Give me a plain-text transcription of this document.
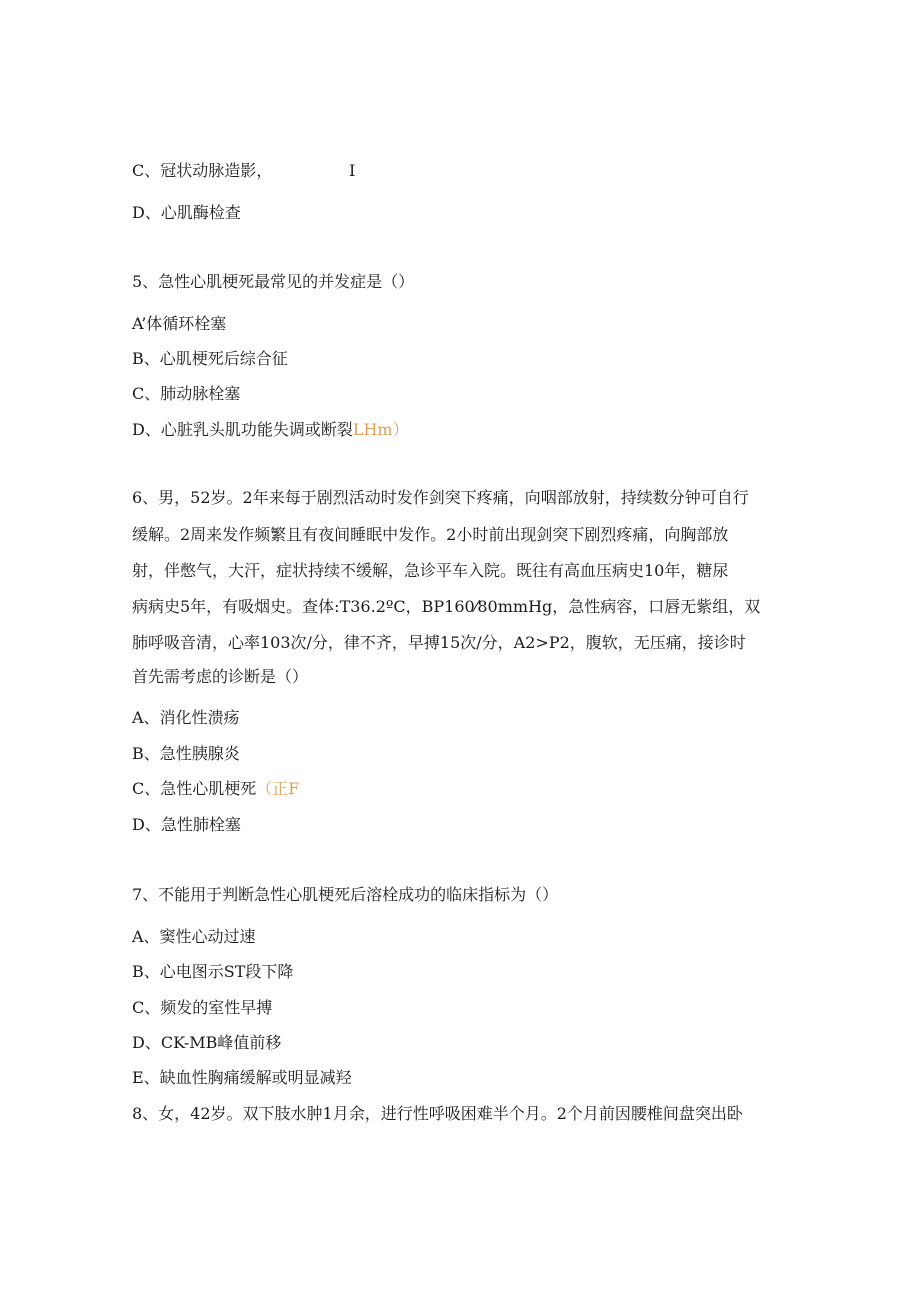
C、冠状动脉造影，	I
D、心肌酶检查
5、急性心肌梗死最常见的并发症是（）
A’体循环栓塞
B、心肌梗死后综合征
C、肺动脉栓塞
D、心脏乳头肌功能失调或断裂LHm）
6、男，52岁。2年来每于剧烈活动时发作剑突下疼痛，向咽部放射，持续数分钟可自行
缓解。2周来发作频繁且有夜间睡眠中发作。2小时前出现剑突下剧烈疼痛，向胸部放
射，伴憋气，大汗，症状持续不缓解，急诊平车入院。既往有高血压病史10年，糖尿
病病史5年，有吸烟史。查体:T36.2ºC，BP160⁄80mmHg，急性病容，口唇无紫组，双
肺呼吸音清，心率103次/分，律不齐，早搏15次/分，A2>P2，腹软，无压痛，接诊时
首先需考虑的诊断是（）
A、消化性溃疡
B、急性胰腺炎
C、急性心肌梗死（正F
D、急性肺栓塞
7、不能用于判断急性心肌梗死后溶栓成功的临床指标为（）
A、窦性心动过速
B、心电图示ST段下降
C、频发的室性早搏
D、CK-MB峰值前移
E、缺血性胸痛缓解或明显减羟
8、女，42岁。双下肢水肿1月余，进行性呼吸困难半个月。2个月前因腰椎间盘突出卧
